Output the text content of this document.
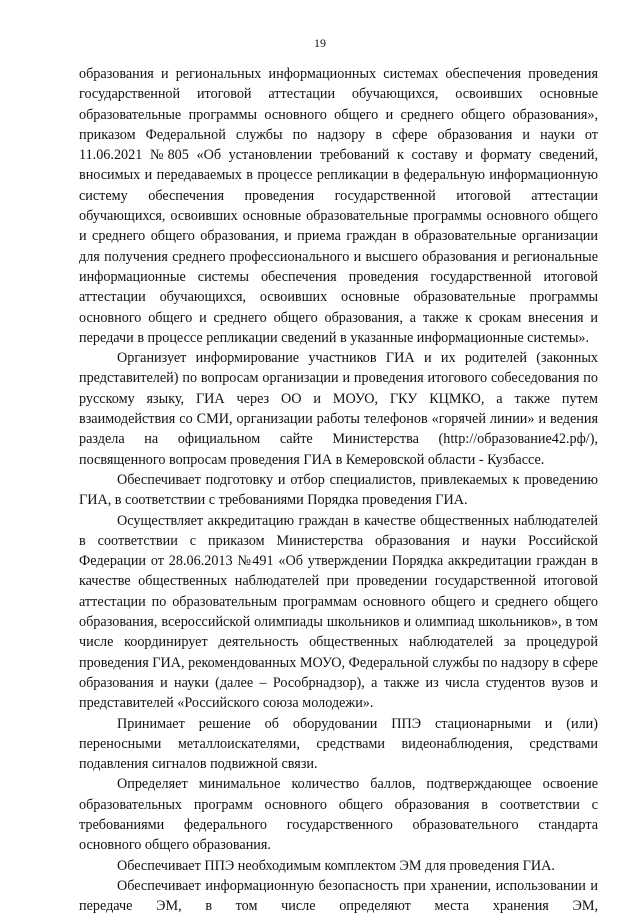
19

образования и региональных информационных системах обеспечения проведения государственной итоговой аттестации обучающихся, освоивших основные образовательные программы основного общего и среднего общего образования», приказом Федеральной службы по надзору в сфере образования и науки от 11.06.2021 №805 «Об установлении требований к составу и формату сведений, вносимых и передаваемых в процессе репликации в федеральную информационную систему обеспечения проведения государственной итоговой аттестации обучающихся, освоивших основные образовательные программы основного общего и среднего общего образования, и приема граждан в образовательные организации для получения среднего профессионального и высшего образования и региональные информационные системы обеспечения проведения государственной итоговой аттестации обучающихся, освоивших основные образовательные программы основного общего и среднего общего образования, а также к срокам внесения и передачи в процессе репликации сведений в указанные информационные системы».

Организует информирование участников ГИА и их родителей (законных представителей) по вопросам организации и проведения итогового собеседования по русскому языку, ГИА через ОО и МОУО, ГКУ КЦМКО, а также путем взаимодействия со СМИ, организации работы телефонов «горячей линии» и ведения раздела на официальном сайте Министерства (http://образование42.рф/), посвященного вопросам проведения ГИА в Кемеровской области - Кузбассе.

Обеспечивает подготовку и отбор специалистов, привлекаемых к проведению ГИА, в соответствии с требованиями Порядка проведения ГИА.

Осуществляет аккредитацию граждан в качестве общественных наблюдателей в соответствии с приказом Министерства образования и науки Российской Федерации от 28.06.2013 №491 «Об утверждении Порядка аккредитации граждан в качестве общественных наблюдателей при проведении государственной итоговой аттестации по образовательным программам основного общего и среднего общего образования, всероссийской олимпиады школьников и олимпиад школьников», в том числе координирует деятельность общественных наблюдателей за процедурой проведения ГИА, рекомендованных МОУО, Федеральной службы по надзору в сфере образования и науки (далее – Рособрнадзор), а также из числа студентов вузов и представителей «Российского союза молодежи».

Принимает решение об оборудовании ППЭ стационарными и (или) переносными металлоискателями, средствами видеонаблюдения, средствами подавления сигналов подвижной связи.

Определяет минимальное количество баллов, подтверждающее освоение образовательных программ основного общего образования в соответствии с требованиями федерального государственного образовательного стандарта основного общего образования.

Обеспечивает ППЭ необходимым комплектом ЭМ для проведения ГИА.

Обеспечивает информационную безопасность при хранении, использовании и передаче ЭМ, в том числе определяют места хранения ЭМ,
